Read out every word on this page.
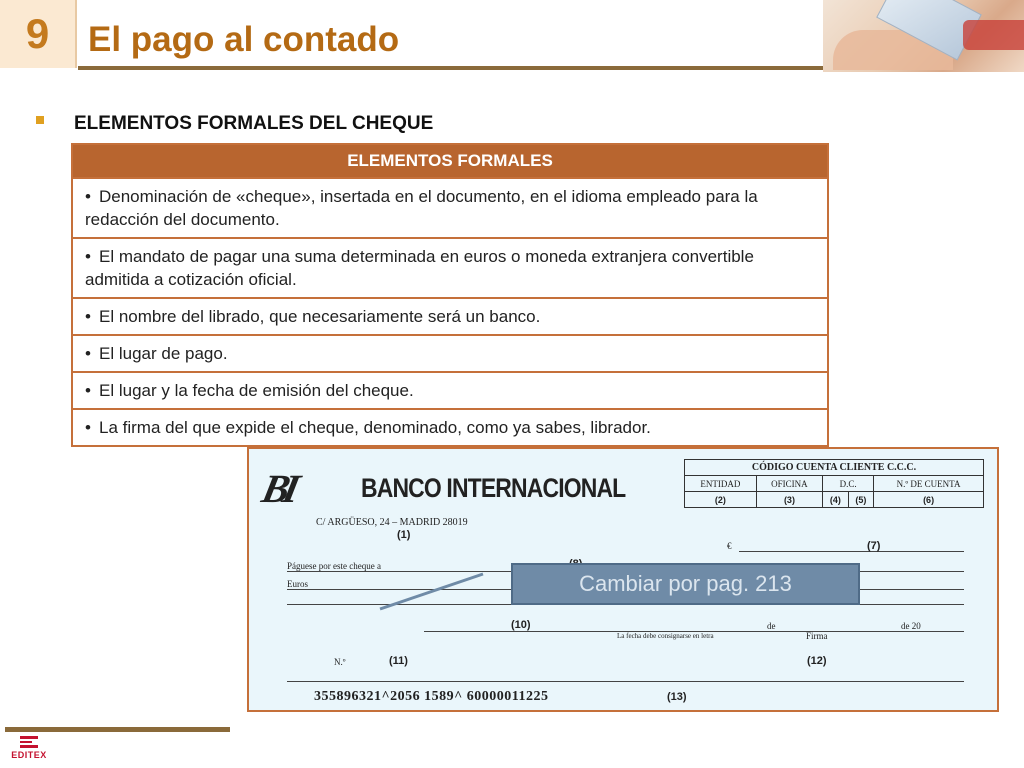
9 El pago al contado
ELEMENTOS FORMALES DEL CHEQUE
ELEMENTOS FORMALES
• Denominación de «cheque», insertada en el documento, en el idioma empleado para la redacción del documento.
• El mandato de pagar una suma determinada en euros o moneda extranjera convertible admitida a cotización oficial.
• El nombre del librado, que necesariamente será un banco.
• El lugar de pago.
• El lugar y la fecha de emisión del cheque.
• La firma del que expide el cheque, denominado, como ya sabes, librador.
BI BANCO INTERNACIONAL
C/ ARGÜESO, 24 – MADRID 28019
(1)
CÓDIGO CUENTA CLIENTE C.C.C.				
ENTIDAD	OFICINA	D.C.		N.º DE CUENTA
(2)	(3)	(4)	(5)	(6)
€	(7)
Páguese por este cheque a
Euros
(10)	de	de 20
La fecha debe consignarse en letra	Firma
N.º	(11)	(12)
355896321^2056 1589^ 60000011225	(13)
Cambiar por pag. 213
EDITEX
